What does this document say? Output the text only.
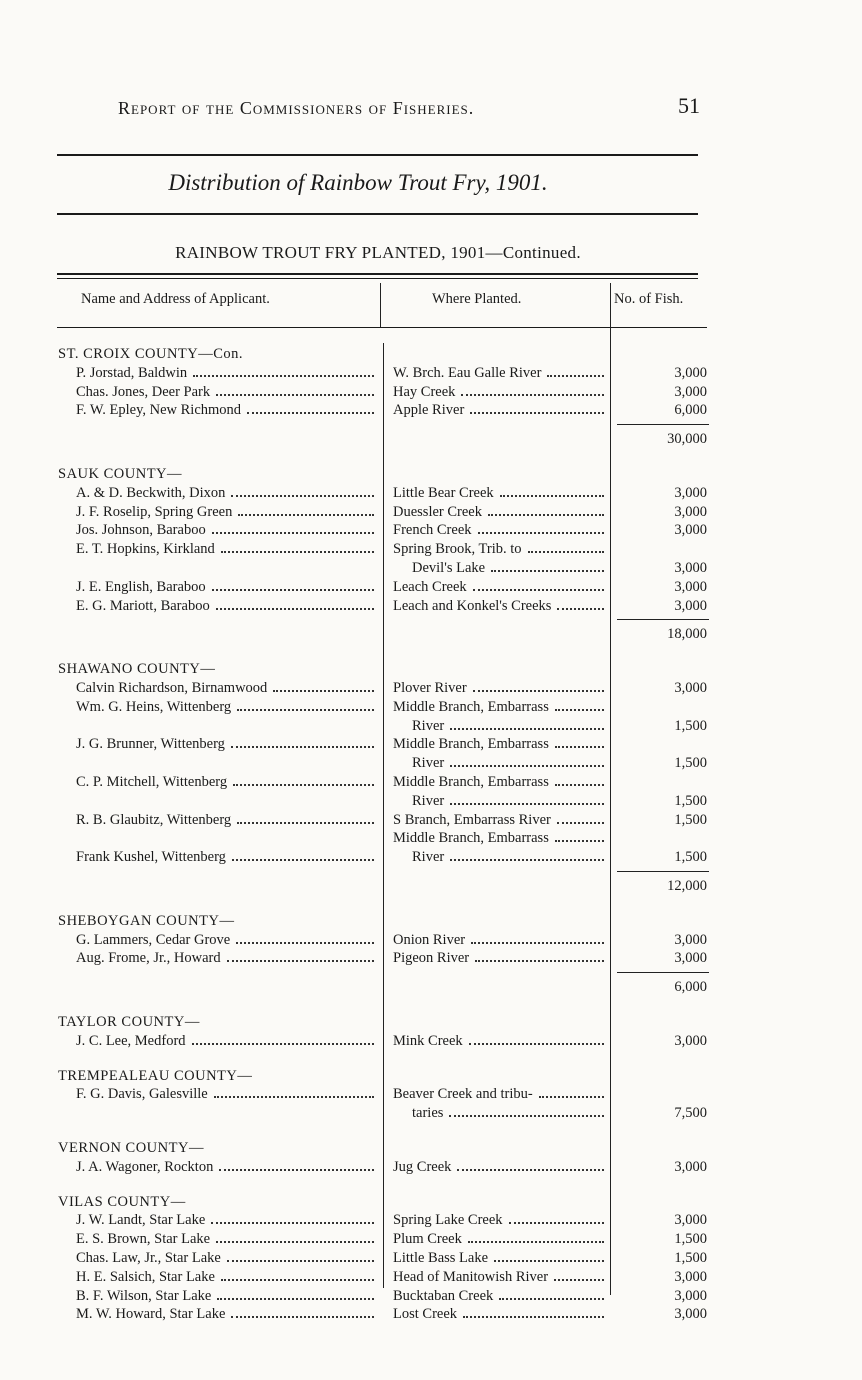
Report of the Commissioners of Fisheries.	51
Distribution of Rainbow Trout Fry, 1901.
RAINBOW TROUT FRY PLANTED, 1901—Continued.
Name and Address of Applicant.	Where Planted.	No. of Fish.
ST. CROIX COUNTY—Con.
P. Jorstad, Baldwin	W. Brch. Eau Galle River	3,000
Chas. Jones, Deer Park	Hay Creek	3,000
F. W. Epley, New Richmond	Apple River	6,000
30,000
SAUK COUNTY—
A. & D. Beckwith, Dixon	Little Bear Creek	3,000
J. F. Roselip, Spring Green	Duessler Creek	3,000
Jos. Johnson, Baraboo	French Creek	3,000
E. T. Hopkins, Kirkland	Spring Brook, Trib. to
Devil's Lake	3,000
J. E. English, Baraboo	Leach Creek	3,000
E. G. Mariott, Baraboo	Leach and Konkel's Creeks	3,000
18,000
SHAWANO COUNTY—
Calvin Richardson, Birnamwood	Plover River	3,000
Wm. G. Heins, Wittenberg	Middle Branch, Embarrass
River	1,500
J. G. Brunner, Wittenberg	Middle Branch, Embarrass
River	1,500
C. P. Mitchell, Wittenberg	Middle Branch, Embarrass
River	1,500
R. B. Glaubitz, Wittenberg	S Branch, Embarrass River	1,500
Middle Branch, Embarrass
Frank Kushel, Wittenberg	River	1,500
12,000
SHEBOYGAN COUNTY—
G. Lammers, Cedar Grove	Onion River	3,000
Aug. Frome, Jr., Howard	Pigeon River	3,000
6,000
TAYLOR COUNTY—
J. C. Lee, Medford	Mink Creek	3,000
TREMPEALEAU COUNTY—
F. G. Davis, Galesville	Beaver Creek and tribu-
taries	7,500
VERNON COUNTY—
J. A. Wagoner, Rockton	Jug Creek	3,000
VILAS COUNTY—
J. W. Landt, Star Lake	Spring Lake Creek	3,000
E. S. Brown, Star Lake	Plum Creek	1,500
Chas. Law, Jr., Star Lake	Little Bass Lake	1,500
H. E. Salsich, Star Lake	Head of Manitowish River	3,000
B. F. Wilson, Star Lake	Bucktaban Creek	3,000
M. W. Howard, Star Lake	Lost Creek	3,000
